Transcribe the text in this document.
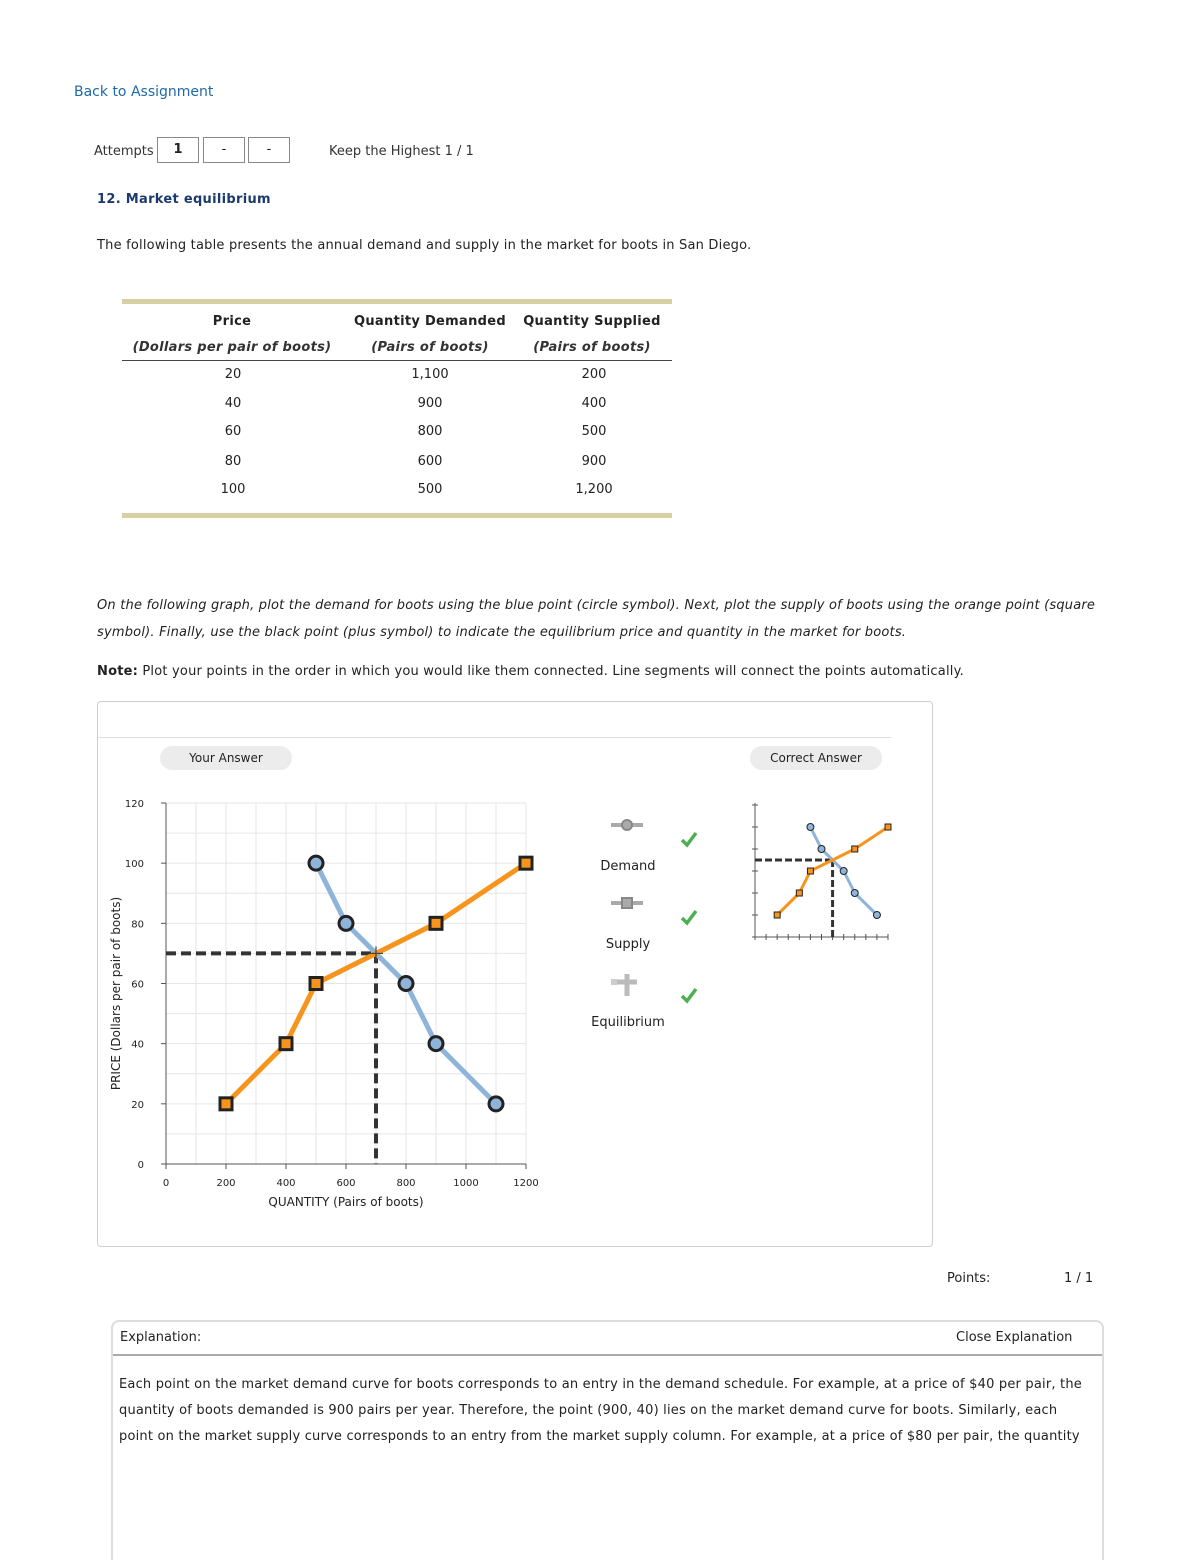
Back to Assignment
Attempts	1	-	-	Keep the Highest 1 / 1
12. Market equilibrium
The following table presents the annual demand and supply in the market for boots in San Diego.
Price	Quantity Demanded	Quantity Supplied
(Dollars per pair of boots)	(Pairs of boots)	(Pairs of boots)
20	1,100	200
40	900	400
60	800	500
80	600	900
100	500	1,200
On the following graph, plot the demand for boots using the blue point (circle symbol). Next, plot the supply of boots using the orange point (square
symbol). Finally, use the black point (plus symbol) to indicate the equilibrium price and quantity in the market for boots.
Note: Plot your points in the order in which you would like them connected. Line segments will connect the points automatically.
Your Answer	Correct Answer
0	200	400	600	800	1000	1200
0
20
40
60
80
100
120
QUANTITY (Pairs of boots)
PRICE (Dollars per pair of boots)
Demand
Supply
Equilibrium
Points:	1 / 1
Explanation:	Close Explanation
Each point on the market demand curve for boots corresponds to an entry in the demand schedule. For example, at a price of $40 per pair, the quantity of boots demanded is 900 pairs per year. Therefore, the point (900, 40) lies on the market demand curve for boots. Similarly, each point on the market supply curve corresponds to an entry from the market supply column. For example, at a price of $80 per pair, the quantity
